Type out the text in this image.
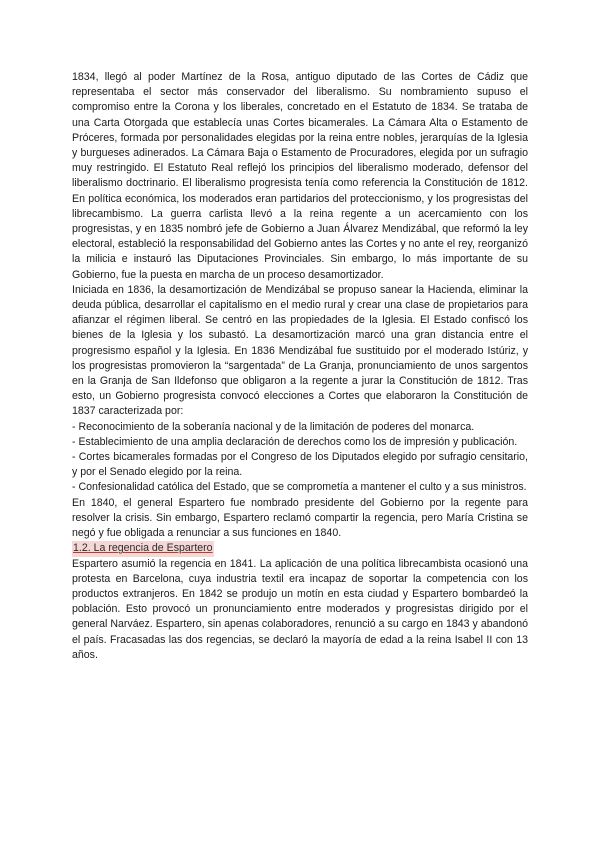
1834, llegó al poder Martínez de la Rosa, antiguo diputado de las Cortes de Cádiz que representaba el sector más conservador del liberalismo. Su nombramiento supuso el compromiso entre la Corona y los liberales, concretado en el Estatuto de 1834. Se trataba de una Carta Otorgada que establecía unas Cortes bicamerales. La Cámara Alta o Estamento de Próceres, formada por personalidades elegidas por la reina entre nobles, jerarquías de la Iglesia y burgueses adinerados. La Cámara Baja o Estamento de Procuradores, elegida por un sufragio muy restringido. El Estatuto Real reflejó los principios del liberalismo moderado, defensor del liberalismo doctrinario. El liberalismo progresista tenía como referencia la Constitución de 1812. En política económica, los moderados eran partidarios del proteccionismo, y los progresistas del librecambismo. La guerra carlista llevó a la reina regente a un acercamiento con los progresistas, y en 1835 nombró jefe de Gobierno a Juan Álvarez Mendizábal, que reformó la ley electoral, estableció la responsabilidad del Gobierno antes las Cortes y no ante el rey, reorganizó la milicia e instauró las Diputaciones Provinciales. Sin embargo, lo más importante de su Gobierno, fue la puesta en marcha de un proceso desamortizador.

Iniciada en 1836, la desamortización de Mendizábal se propuso sanear la Hacienda, eliminar la deuda pública, desarrollar el capitalismo en el medio rural y crear una clase de propietarios para afianzar el régimen liberal. Se centró en las propiedades de la Iglesia. El Estado confiscó los bienes de la Iglesia y los subastó. La desamortización marcó una gran distancia entre el progresismo español y la Iglesia. En 1836 Mendizábal fue sustituido por el moderado Istúriz, y los progresistas promovieron la “sargentada” de La Granja, pronunciamiento de unos sargentos en la Granja de San Ildefonso que obligaron a la regente a jurar la Constitución de 1812. Tras esto, un Gobierno progresista convocó elecciones a Cortes que elaboraron la Constitución de 1837 caracterizada por:

- Reconocimiento de la soberanía nacional y de la limitación de poderes del monarca.

- Establecimiento de una amplia declaración de derechos como los de impresión y publicación.

- Cortes bicamerales formadas por el Congreso de los Diputados elegido por sufragio censitario, y por el Senado elegido por la reina.

- Confesionalidad católica del Estado, que se comprometía a mantener el culto y a sus ministros.

En 1840, el general Espartero fue nombrado presidente del Gobierno por la regente para resolver la crisis. Sin embargo, Espartero reclamó compartir la regencia, pero María Cristina se negó y fue obligada a renunciar a sus funciones en 1840.

1.2. La regencia de Espartero

Espartero asumió la regencia en 1841. La aplicación de una política librecambista ocasionó una protesta en Barcelona, cuya industria textil era incapaz de soportar la competencia con los productos extranjeros. En 1842 se produjo un motín en esta ciudad y Espartero bombardeó la población. Esto provocó un pronunciamiento entre moderados y progresistas dirigido por el general Narváez. Espartero, sin apenas colaboradores, renunció a su cargo en 1843 y abandonó el país. Fracasadas las dos regencias, se declaró la mayoría de edad a la reina Isabel II con 13 años.
